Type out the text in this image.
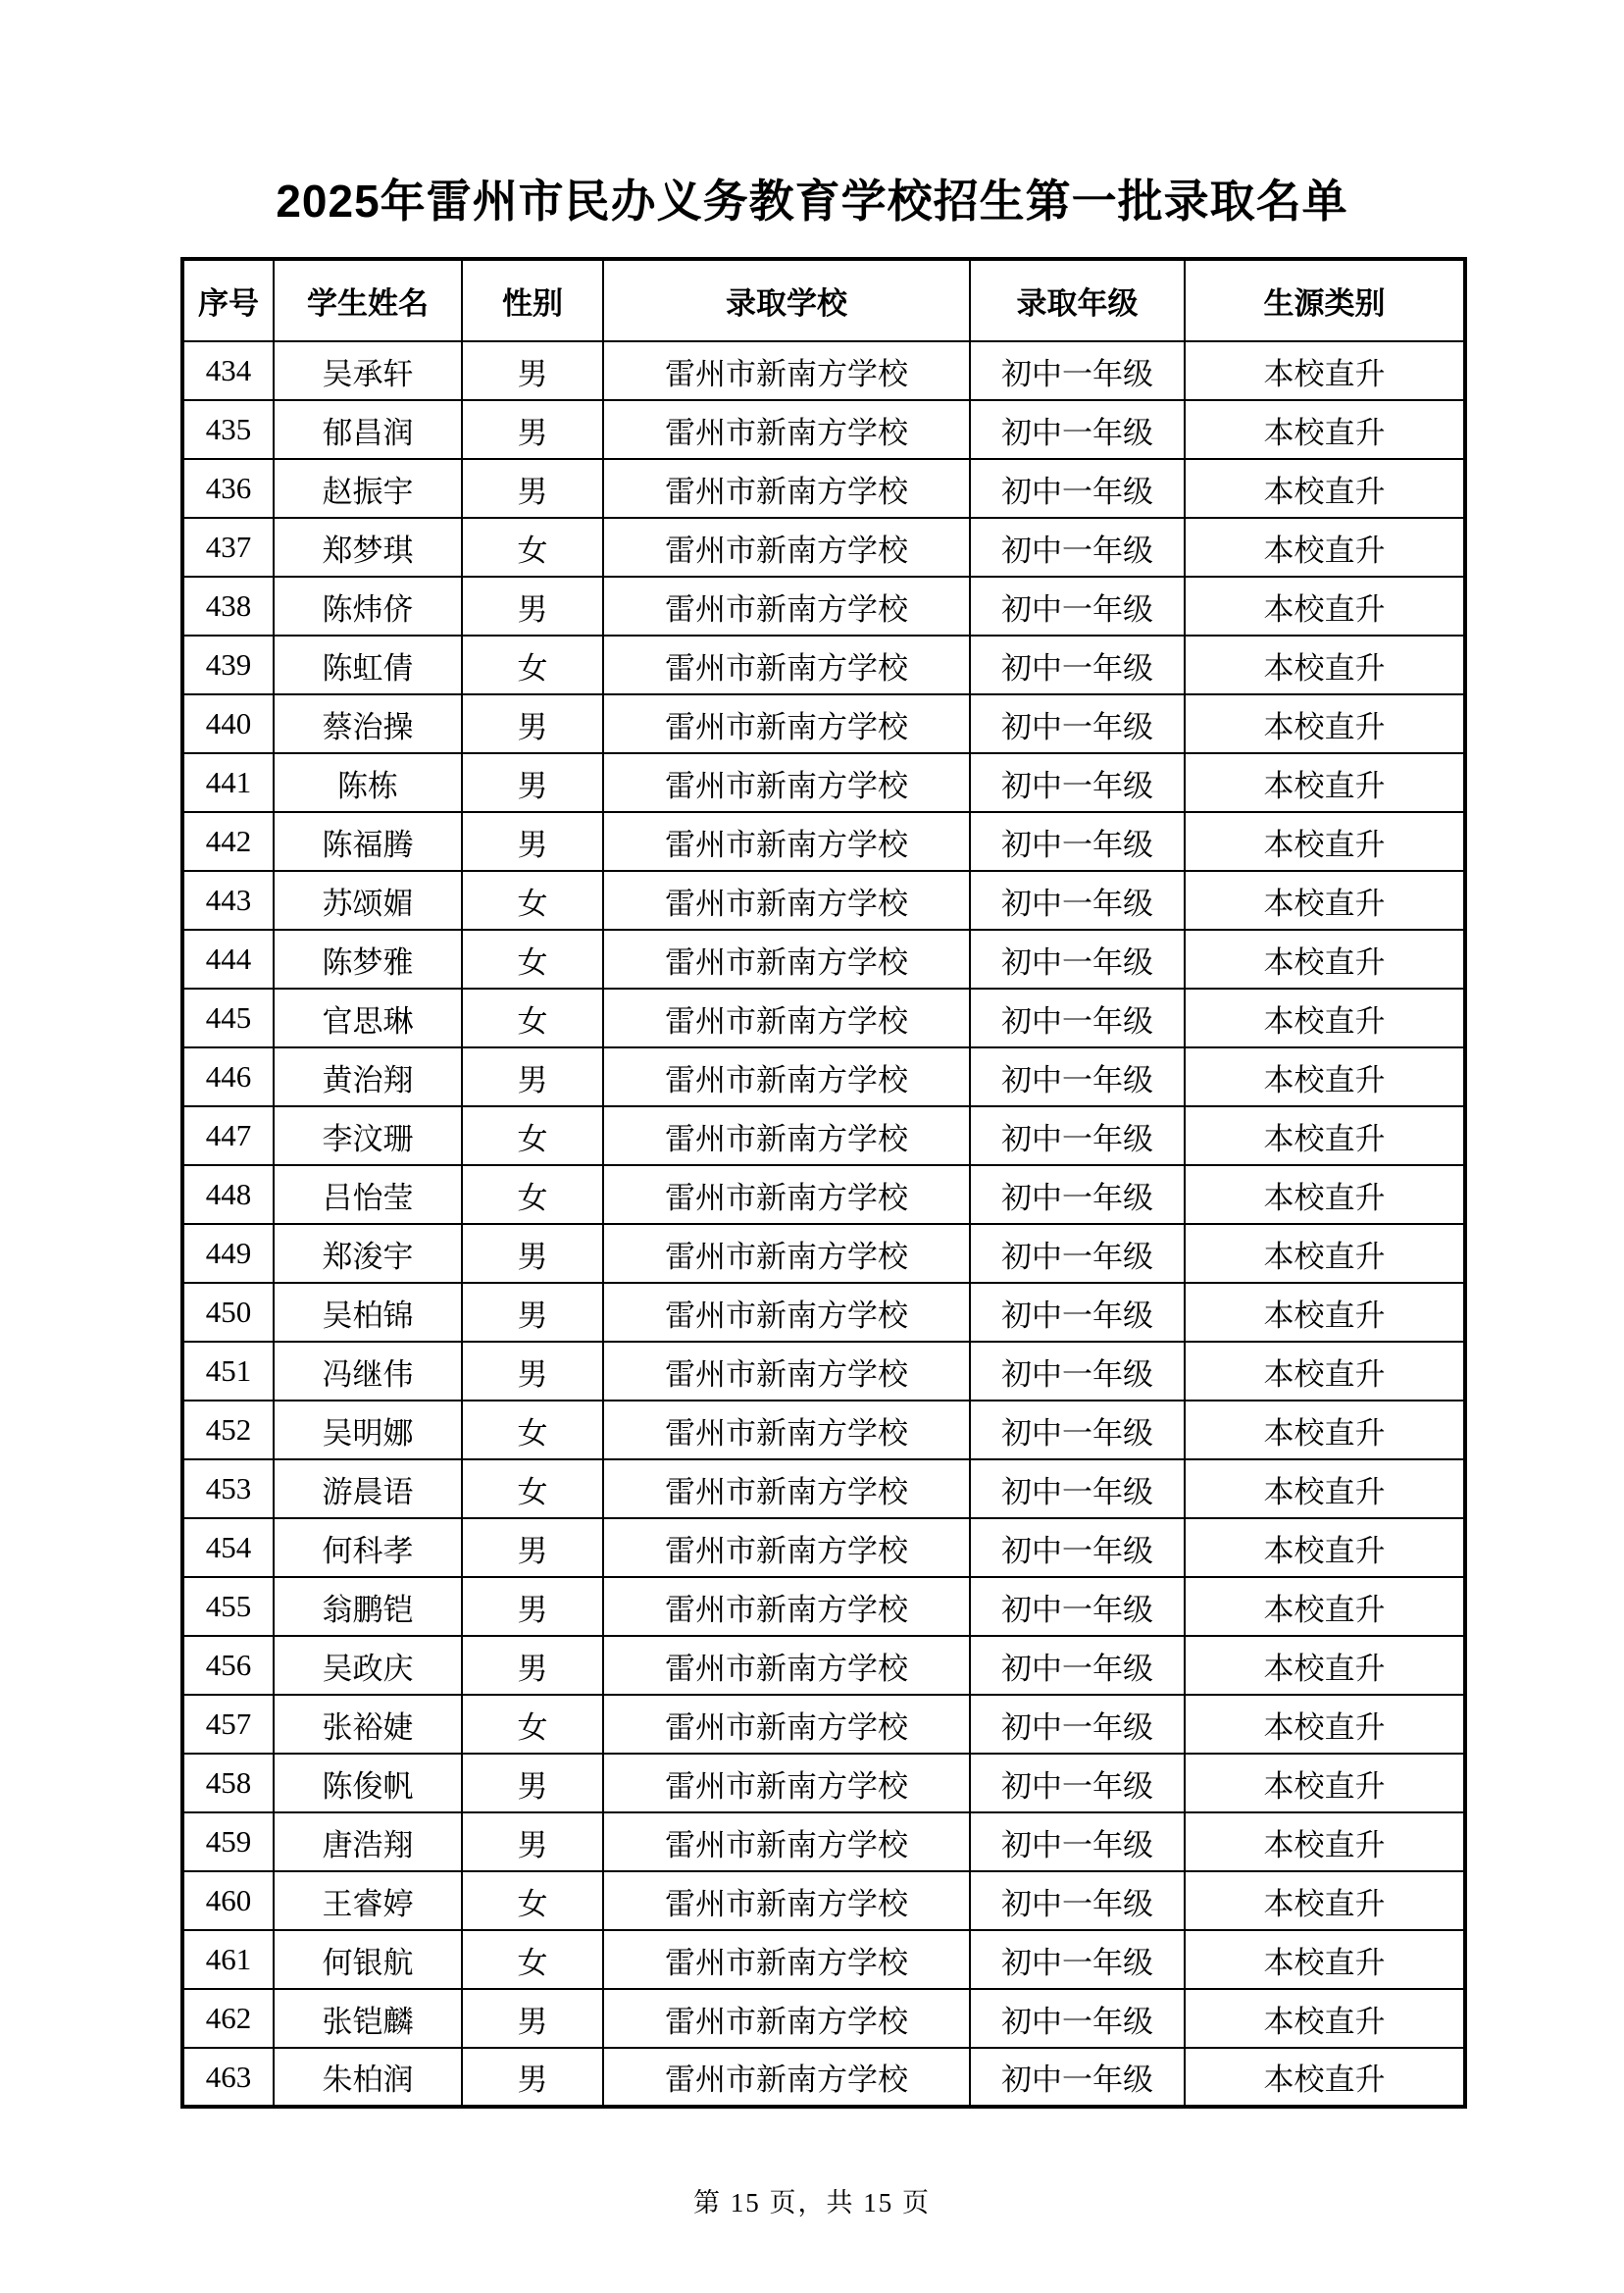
2025年雷州市民办义务教育学校招生第一批录取名单
序号	学生姓名	性别	录取学校	录取年级	生源类别
434	吴承轩	男	雷州市新南方学校	初中一年级	本校直升
435	郁昌润	男	雷州市新南方学校	初中一年级	本校直升
436	赵振宇	男	雷州市新南方学校	初中一年级	本校直升
437	郑梦琪	女	雷州市新南方学校	初中一年级	本校直升
438	陈炜侪	男	雷州市新南方学校	初中一年级	本校直升
439	陈虹倩	女	雷州市新南方学校	初中一年级	本校直升
440	蔡治操	男	雷州市新南方学校	初中一年级	本校直升
441	陈栋	男	雷州市新南方学校	初中一年级	本校直升
442	陈福腾	男	雷州市新南方学校	初中一年级	本校直升
443	苏颂媚	女	雷州市新南方学校	初中一年级	本校直升
444	陈梦雅	女	雷州市新南方学校	初中一年级	本校直升
445	官思琳	女	雷州市新南方学校	初中一年级	本校直升
446	黄治翔	男	雷州市新南方学校	初中一年级	本校直升
447	李汶珊	女	雷州市新南方学校	初中一年级	本校直升
448	吕怡莹	女	雷州市新南方学校	初中一年级	本校直升
449	郑浚宇	男	雷州市新南方学校	初中一年级	本校直升
450	吴柏锦	男	雷州市新南方学校	初中一年级	本校直升
451	冯继伟	男	雷州市新南方学校	初中一年级	本校直升
452	吴明娜	女	雷州市新南方学校	初中一年级	本校直升
453	游晨语	女	雷州市新南方学校	初中一年级	本校直升
454	何科孝	男	雷州市新南方学校	初中一年级	本校直升
455	翁鹏铠	男	雷州市新南方学校	初中一年级	本校直升
456	吴政庆	男	雷州市新南方学校	初中一年级	本校直升
457	张裕婕	女	雷州市新南方学校	初中一年级	本校直升
458	陈俊帆	男	雷州市新南方学校	初中一年级	本校直升
459	唐浩翔	男	雷州市新南方学校	初中一年级	本校直升
460	王睿婷	女	雷州市新南方学校	初中一年级	本校直升
461	何银航	女	雷州市新南方学校	初中一年级	本校直升
462	张铠麟	男	雷州市新南方学校	初中一年级	本校直升
463	朱柏润	男	雷州市新南方学校	初中一年级	本校直升
第 15 页，共 15 页
